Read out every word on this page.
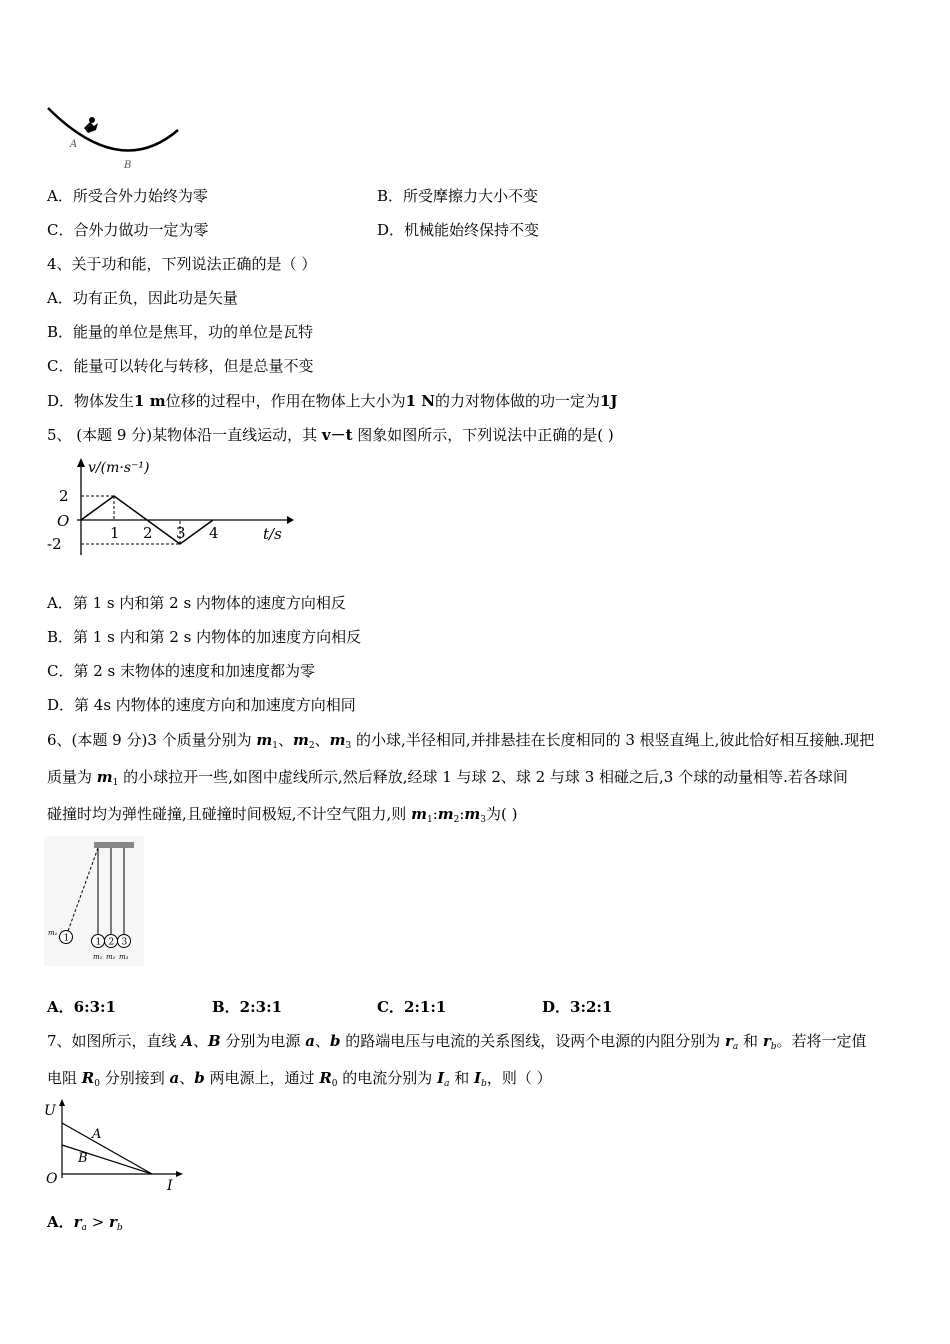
A
B
A．所受合外力始终为零	B．所受摩擦力大小不变
C．合外力做功一定为零	D．机械能始终保持不变
4、关于功和能，下列说法正确的是（ ）
A．功有正负，因此功是矢量
B．能量的单位是焦耳，功的单位是瓦特
C．能量可以转化与转移，但是总量不变
D．物体发生1 m位移的过程中，作用在物体上大小为1 N的力对物体做的功一定为1J
5、 (本题 9 分)某物体沿一直线运动，其 v－t 图象如图所示，下列说法中正确的是( )
v/(m·s⁻¹)
t/s
O
1 2 3 4
2
-2
A．第 1 s 内和第 2 s 内物体的速度方向相反
B．第 1 s 内和第 2 s 内物体的加速度方向相反
C．第 2 s 末物体的速度和加速度都为零
D．第 4s 内物体的速度方向和加速度方向相同
6、(本题 9 分)3 个质量分别为 $m_1$、$m_2$、$m_3$ 的小球,半径相同,并排悬挂在长度相同的 3 根竖直绳上,彼此恰好相互接触.现把
质量为 $m_1$ 的小球拉开一些,如图中虚线所示,然后释放,经球 1 与球 2、球 2 与球 3 相碰之后,3 个球的动量相等.若各球间
碰撞时均为弹性碰撞,且碰撞时间极短,不计空气阻力,则 $m_1:m_2:m_3$为( )
1
m₁
1 2 3
m₁ m₂ m₃
A．6:3:1	B．2:3:1	C．2:1:1	D．3:2:1
7、如图所示，直线 A、B 分别为电源 a、b 的路端电压与电流的关系图线，设两个电源的内阻分别为 $r_a$ 和 $r_b$。若将一定值
电阻 $R_0$ 分别接到 a、b 两电源上，通过 $R_0$ 的电流分别为 $I_a$ 和 $I_b$，则（ ）
U
I
O
A
B
A．$r_a > r_b$
